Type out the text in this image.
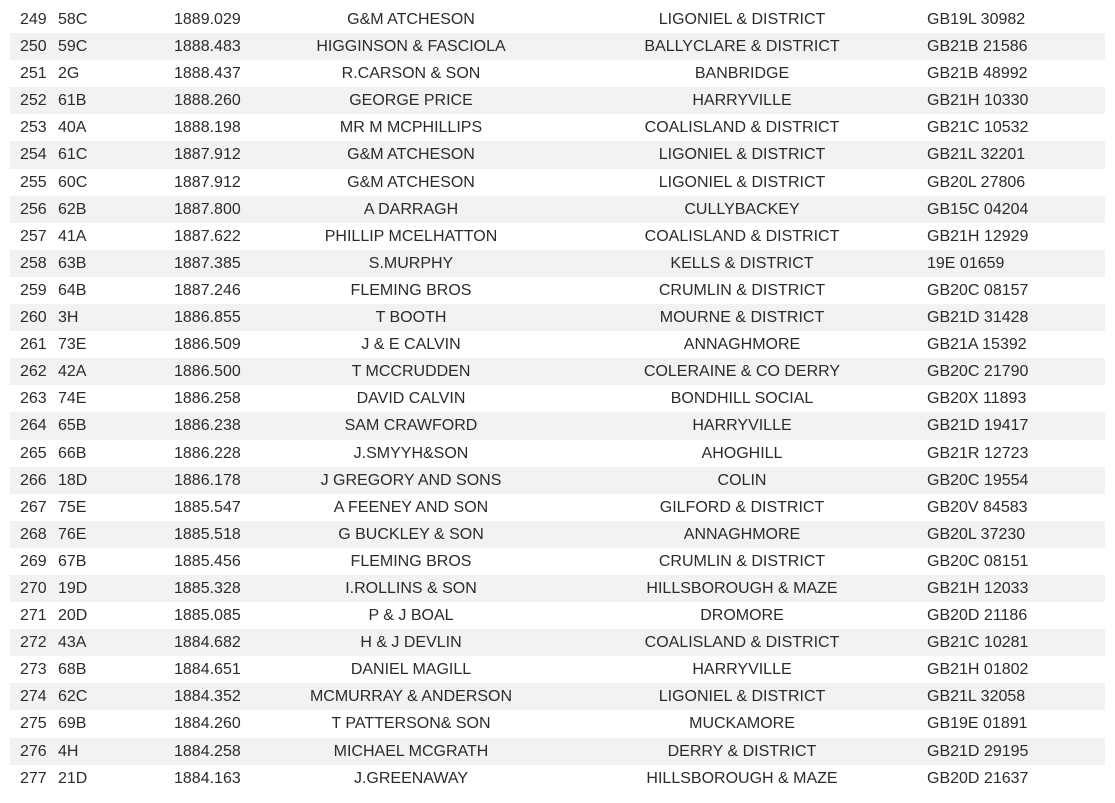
249 58C	1889.029	G&M ATCHESON	LIGONIEL & DISTRICT	GB19L 30982
250 59C	1888.483	HIGGINSON & FASCIOLA	BALLYCLARE & DISTRICT	GB21B 21586
251 2G	1888.437	R.CARSON & SON	BANBRIDGE	GB21B 48992
252 61B	1888.260	GEORGE PRICE	HARRYVILLE	GB21H 10330
253 40A	1888.198	MR M MCPHILLIPS	COALISLAND & DISTRICT	GB21C 10532
254 61C	1887.912	G&M ATCHESON	LIGONIEL & DISTRICT	GB21L 32201
255 60C	1887.912	G&M ATCHESON	LIGONIEL & DISTRICT	GB20L 27806
256 62B	1887.800	A DARRAGH	CULLYBACKEY	GB15C 04204
257 41A	1887.622	PHILLIP MCELHATTON	COALISLAND & DISTRICT	GB21H 12929
258 63B	1887.385	S.MURPHY	KELLS & DISTRICT	19E 01659
259 64B	1887.246	FLEMING BROS	CRUMLIN & DISTRICT	GB20C 08157
260 3H	1886.855	T BOOTH	MOURNE & DISTRICT	GB21D 31428
261 73E	1886.509	J & E CALVIN	ANNAGHMORE	GB21A 15392
262 42A	1886.500	T MCCRUDDEN	COLERAINE & CO DERRY	GB20C 21790
263 74E	1886.258	DAVID CALVIN	BONDHILL SOCIAL	GB20X 11893
264 65B	1886.238	SAM CRAWFORD	HARRYVILLE	GB21D 19417
265 66B	1886.228	J.SMYYH&SON	AHOGHILL	GB21R 12723
266 18D	1886.178	J GREGORY AND SONS	COLIN	GB20C 19554
267 75E	1885.547	A FEENEY AND SON	GILFORD & DISTRICT	GB20V 84583
268 76E	1885.518	G BUCKLEY & SON	ANNAGHMORE	GB20L 37230
269 67B	1885.456	FLEMING BROS	CRUMLIN & DISTRICT	GB20C 08151
270 19D	1885.328	I.ROLLINS & SON	HILLSBOROUGH & MAZE	GB21H 12033
271 20D	1885.085	P & J BOAL	DROMORE	GB20D 21186
272 43A	1884.682	H & J DEVLIN	COALISLAND & DISTRICT	GB21C 10281
273 68B	1884.651	DANIEL MAGILL	HARRYVILLE	GB21H 01802
274 62C	1884.352	MCMURRAY & ANDERSON	LIGONIEL & DISTRICT	GB21L 32058
275 69B	1884.260	T PATTERSON& SON	MUCKAMORE	GB19E 01891
276 4H	1884.258	MICHAEL MCGRATH	DERRY & DISTRICT	GB21D 29195
277 21D	1884.163	J.GREENAWAY	HILLSBOROUGH & MAZE	GB20D 21637
